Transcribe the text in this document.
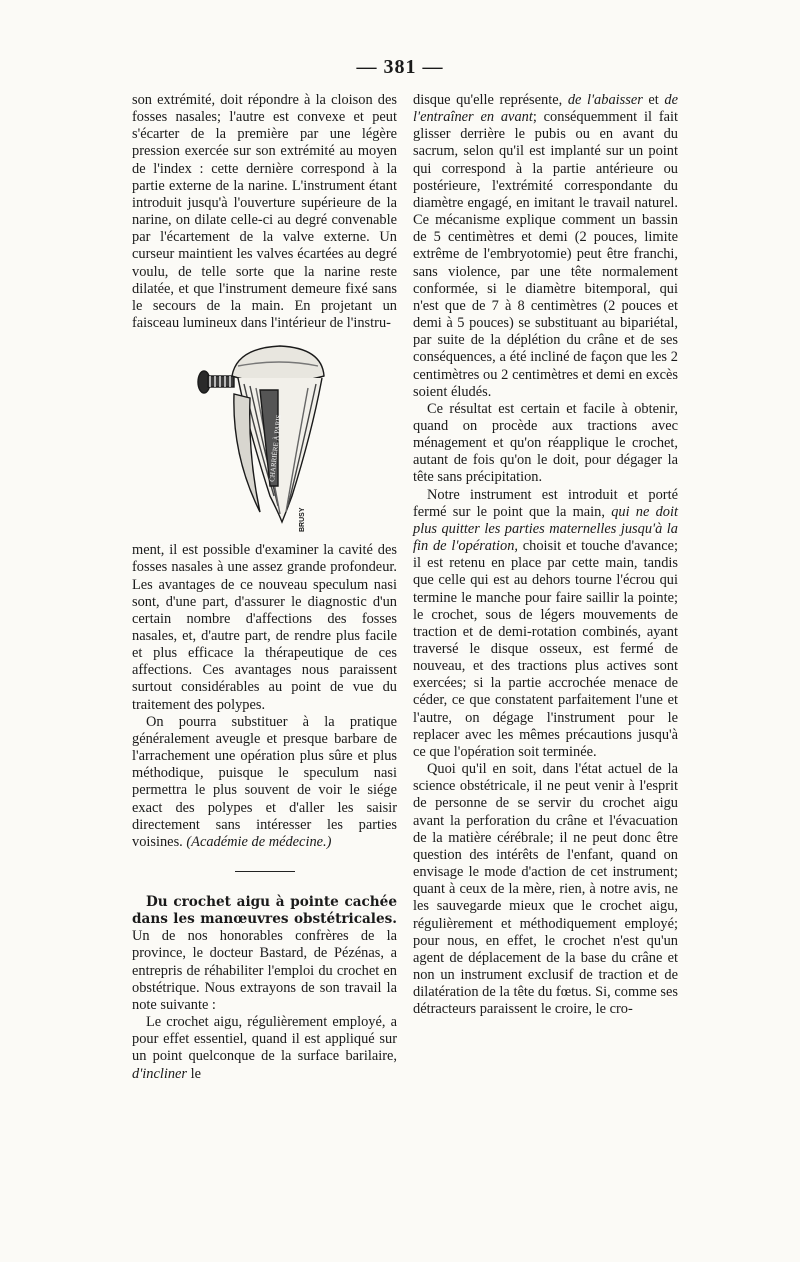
— 381 —

son extrémité, doit répondre à la cloison des fosses nasales; l'autre est convexe et peut s'écarter de la première par une légère pression exercée sur son extrémité au moyen de l'index : cette dernière correspond à la partie externe de la narine. L'instrument étant introduit jusqu'à l'ouverture supérieure de la narine, on dilate celle-ci au degré convenable par l'écartement de la valve externe. Un curseur maintient les valves écartées au degré voulu, de telle sorte que la narine reste dilatée, et que l'instrument demeure fixé sans le secours de la main. En projetant un faisceau lumineux dans l'intérieur de l'instru-

CHARRIÈRE À PARIS
BRUSY

ment, il est possible d'examiner la cavité des fosses nasales à une assez grande profondeur. Les avantages de ce nouveau speculum nasi sont, d'une part, d'assurer le diagnostic d'un certain nombre d'affections des fosses nasales, et, d'autre part, de rendre plus facile et plus efficace la thérapeutique de ces affections. Ces avantages nous paraissent surtout considérables au point de vue du traitement des polypes.

On pourra substituer à la pratique généralement aveugle et presque barbare de l'arrachement une opération plus sûre et plus méthodique, puisque le speculum nasi permettra le plus souvent de voir le siége exact des polypes et d'aller les saisir directement sans intéresser les parties voisines. (Académie de médecine.)

Du crochet aigu à pointe cachée dans les manœuvres obstétricales. Un de nos honorables confrères de la province, le docteur Bastard, de Pézénas, a entrepris de réhabiliter l'emploi du crochet en obstétrique. Nous extrayons de son travail la note suivante :

Le crochet aigu, régulièrement employé, a pour effet essentiel, quand il est appliqué sur un point quelconque de la surface barilaire, d'incliner le

disque qu'elle représente, de l'abaisser et de l'entraîner en avant; conséquemment il fait glisser derrière le pubis ou en avant du sacrum, selon qu'il est implanté sur un point qui correspond à la partie antérieure ou postérieure, l'extrémité correspondante du diamètre engagé, en imitant le travail naturel. Ce mécanisme explique comment un bassin de 5 centimètres et demi (2 pouces, limite extrême de l'embryotomie) peut être franchi, sans violence, par une tête normalement conformée, si le diamètre bitemporal, qui n'est que de 7 à 8 centimètres (2 pouces et demi à 5 pouces) se substituant au bipariétal, par suite de la déplétion du crâne et de ses conséquences, a été incliné de façon que les 2 centimètres ou 2 centimètres et demi en excès soient éludés.

Ce résultat est certain et facile à obtenir, quand on procède aux tractions avec ménagement et qu'on réapplique le crochet, autant de fois qu'on le doit, pour dégager la tête sans précipitation.

Notre instrument est introduit et porté fermé sur le point que la main, qui ne doit plus quitter les parties maternelles jusqu'à la fin de l'opération, choisit et touche d'avance; il est retenu en place par cette main, tandis que celle qui est au dehors tourne l'écrou qui termine le manche pour faire saillir la pointe; le crochet, sous de légers mouvements de traction et de demi-rotation combinés, ayant traversé le disque osseux, est fermé de nouveau, et des tractions plus actives sont exercées; si la partie accrochée menace de céder, ce que constatent parfaitement l'une et l'autre, on dégage l'instrument pour le replacer avec les mêmes précautions jusqu'à ce que l'opération soit terminée.

Quoi qu'il en soit, dans l'état actuel de la science obstétricale, il ne peut venir à l'esprit de personne de se servir du crochet aigu avant la perforation du crâne et l'évacuation de la matière cérébrale; il ne peut donc être question des intérêts de l'enfant, quand on envisage le mode d'action de cet instrument; quant à ceux de la mère, rien, à notre avis, ne les sauvegarde mieux que le crochet aigu, régulièrement et méthodiquement employé; pour nous, en effet, le crochet n'est qu'un agent de déplacement de la base du crâne et non un instrument exclusif de traction et de dilatération de la tête du fœtus. Si, comme ses détracteurs paraissent le croire, le cro-
